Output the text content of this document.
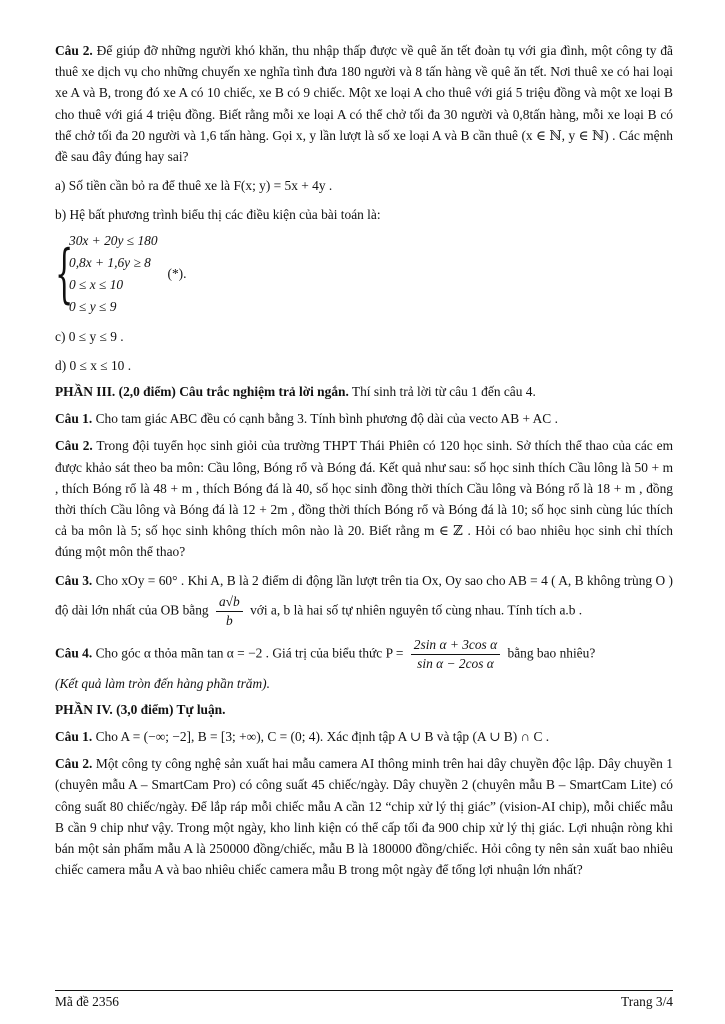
Câu 2. Để giúp đỡ những người khó khăn, thu nhập thấp được về quê ăn tết đoàn tụ với gia đình, một công ty đã thuê xe dịch vụ cho những chuyến xe nghĩa tình đưa 180 người và 8 tấn hàng về quê ăn tết. Nơi thuê xe có hai loại xe A và B, trong đó xe A có 10 chiếc, xe B có 9 chiếc. Một xe loại A cho thuê với giá 5 triệu đồng và một xe loại B cho thuê với giá 4 triệu đồng. Biết rằng mỗi xe loại A có thể chở tối đa 30 người và 0,8tấn hàng, mỗi xe loại B có thể chở tối đa 20 người và 1,6 tấn hàng. Gọi x, y lần lượt là số xe loại A và B cần thuê (x ∈ ℕ, y ∈ ℕ) . Các mệnh đề sau đây đúng hay sai?

a) Số tiền cần bỏ ra để thuê xe là F(x; y) = 5x + 4y .

b) Hệ bất phương trình biểu thị các điều kiện của bài toán là:

{
30x + 20y ≤ 180
0,8x + 1,6y ≥ 8
0 ≤ x ≤ 10
0 ≤ y ≤ 9
(*).

c) 0 ≤ y ≤ 9 .

d) 0 ≤ x ≤ 10 .

PHẦN III. (2,0 điểm) Câu trắc nghiệm trả lời ngắn. Thí sinh trả lời từ câu 1 đến câu 4.

Câu 1. Cho tam giác ABC đều có cạnh bằng 3. Tính bình phương độ dài của vecto AB + AC .

Câu 2. Trong đội tuyển học sinh giỏi của trường THPT Thái Phiên có 120 học sinh. Sở thích thể thao của các em được khảo sát theo ba môn: Cầu lông, Bóng rổ và Bóng đá. Kết quả như sau: số học sinh thích Cầu lông là 50 + m , thích Bóng rổ là 48 + m , thích Bóng đá là 40, số học sinh đồng thời thích Cầu lông và Bóng rổ là 18 + m , đồng thời thích Cầu lông và Bóng đá là 12 + 2m , đồng thời thích Bóng rổ và Bóng đá là 10; số học sinh cùng lúc thích cả ba môn là 5; số học sinh không thích môn nào là 20. Biết rằng m ∈ ℤ . Hỏi có bao nhiêu học sinh chỉ thích đúng một môn thể thao?

Câu 3. Cho xOy = 60° . Khi A, B là 2 điểm di động lần lượt trên tia Ox, Oy sao cho AB = 4 ( A, B không trùng O ) độ dài lớn nhất của OB bằng $\frac{a√b}{b}$ với a, b là hai số tự nhiên nguyên tố cùng nhau. Tính tích a.b .

Câu 4. Cho góc α thỏa mãn tan α = −2 . Giá trị của biểu thức $P = \frac{\text{2sin α + 3cos α}}{\text{sin α − 2cos α}}$ bằng bao nhiêu?

(Kết quả làm tròn đến hàng phần trăm).

PHẦN IV. (3,0 điểm) Tự luận.

Câu 1. Cho A = (−∞; −2], B = [3; +∞), C = (0; 4). Xác định tập A ∪ B và tập (A ∪ B) ∩ C .

Câu 2. Một công ty công nghệ sản xuất hai mẫu camera AI thông minh trên hai dây chuyền độc lập. Dây chuyền 1 (chuyên mẫu A – SmartCam Pro) có công suất 45 chiếc/ngày. Dây chuyền 2 (chuyên mẫu B – SmartCam Lite) có công suất 80 chiếc/ngày. Để lắp ráp mỗi chiếc mẫu A cần 12 “chip xử lý thị giác” (vision-AI chip), mỗi chiếc mẫu B cần 9 chip như vậy. Trong một ngày, kho linh kiện có thể cấp tối đa 900 chip xử lý thị giác. Lợi nhuận ròng khi bán một sản phẩm mẫu A là 250000 đồng/chiếc, mẫu B là 180000 đồng/chiếc. Hỏi công ty nên sản xuất bao nhiêu chiếc camera mẫu A và bao nhiêu chiếc camera mẫu B trong một ngày để tổng lợi nhuận lớn nhất?

Mã đề 2356	Trang 3/4
